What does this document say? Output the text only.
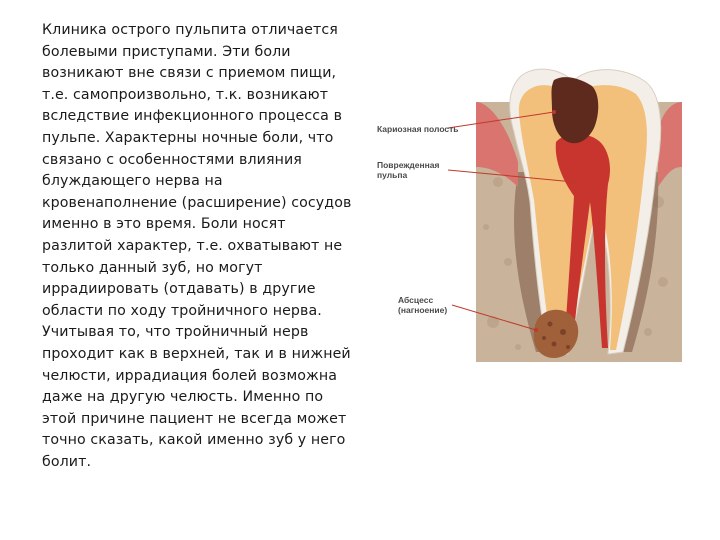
Клиника острого пульпита отличается
болевыми приступами. Эти боли
возникают вне связи с приемом пищи,
т.е. самопроизвольно, т.к. возникают
вследствие инфекционного процесса в
пульпе. Характерны ночные боли, что
связано с особенностями влияния
блуждающего нерва на
кровенаполнение (расширение) сосудов
именно в это время. Боли носят
разлитой характер, т.е. охватывают не
только данный зуб, но могут
иррадиировать (отдавать) в другие
области по ходу тройничного нерва.
Учитывая то, что тройничный нерв
проходит как в верхней, так и в нижней
челюсти, иррадиация болей возможна
даже на другую челюсть. Именно по
этой причине пациент не всегда может
точно сказать, какой именно зуб у него
болит.

Кариозная полость
Поврежденная
пульпа
Абсцесс
(нагноение)
